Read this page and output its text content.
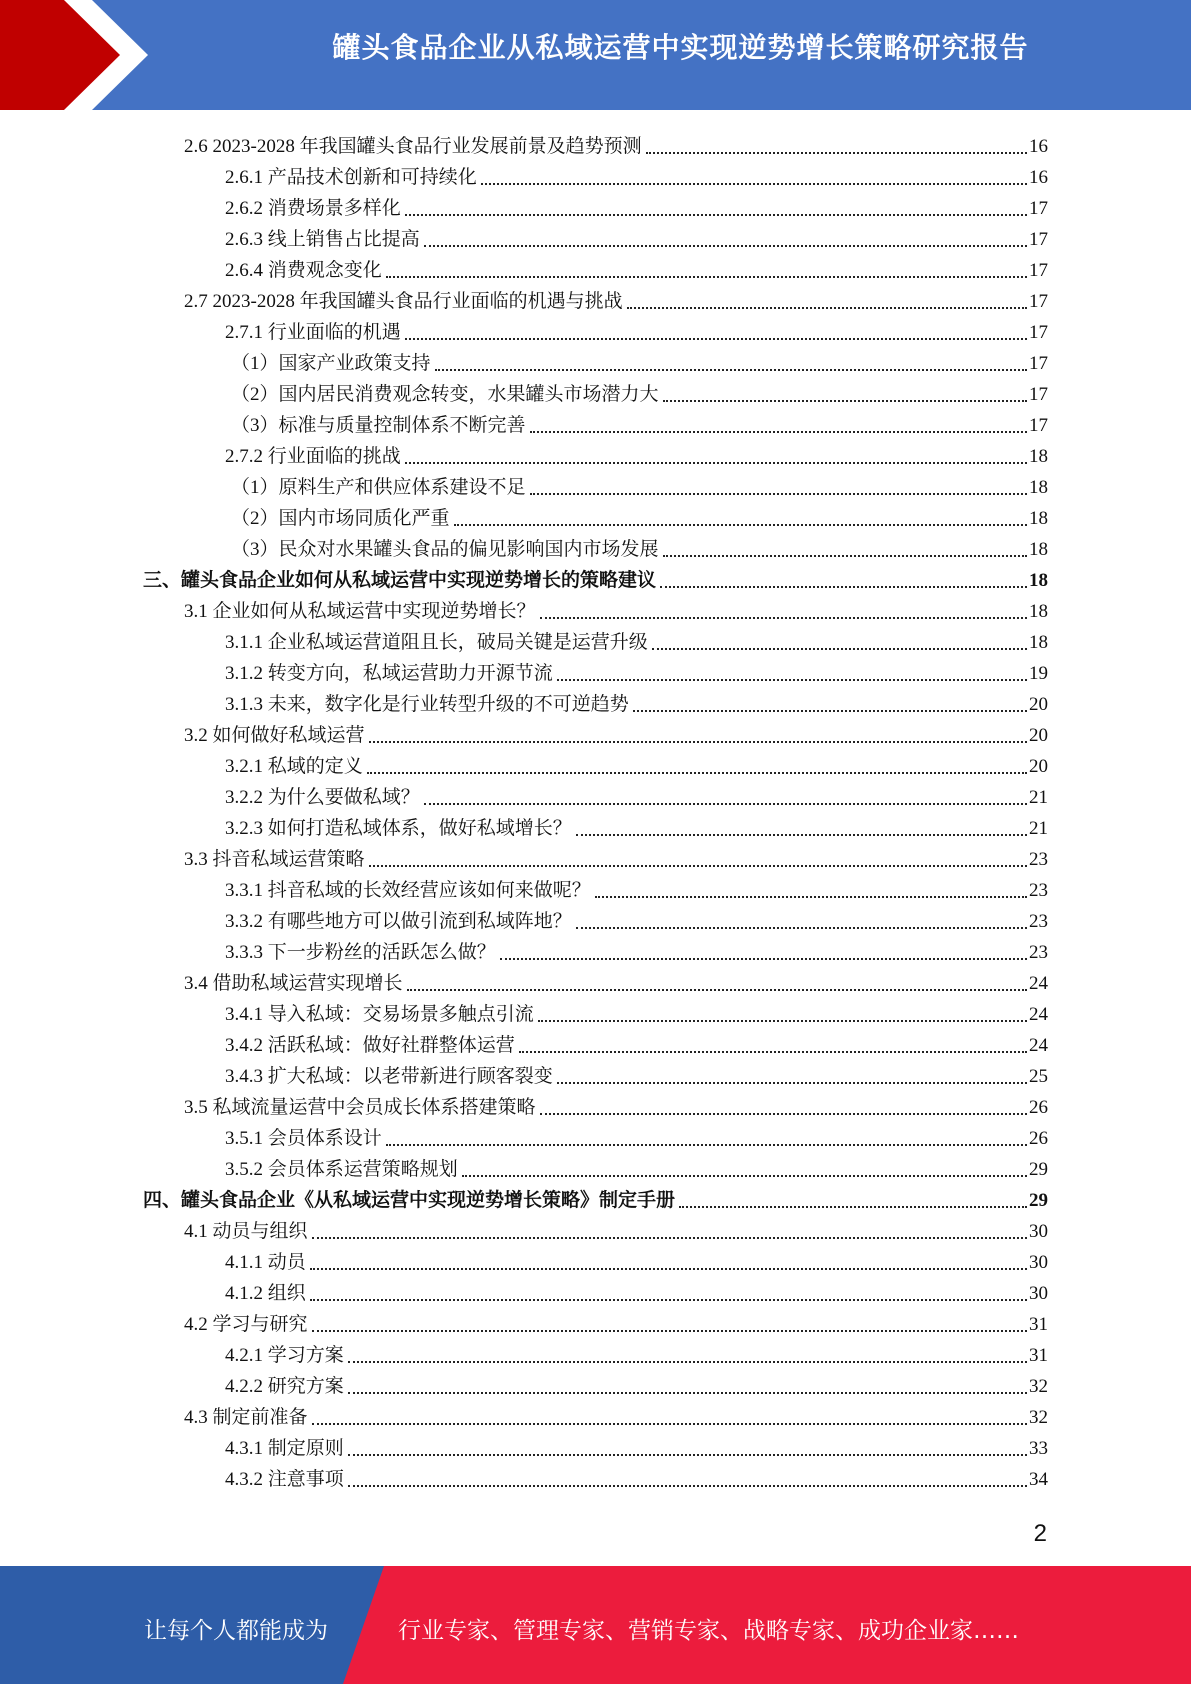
罐头食品企业从私域运营中实现逆势增长策略研究报告
2.6 2023-2028 年我国罐头食品行业发展前景及趋势预测	16
2.6.1 产品技术创新和可持续化	16
2.6.2 消费场景多样化	17
2.6.3 线上销售占比提高	17
2.6.4 消费观念变化	17
2.7 2023-2028 年我国罐头食品行业面临的机遇与挑战	17
2.7.1 行业面临的机遇	17
（1）国家产业政策支持	17
（2）国内居民消费观念转变，水果罐头市场潜力大	17
（3）标准与质量控制体系不断完善	17
2.7.2 行业面临的挑战	18
（1）原料生产和供应体系建设不足	18
（2）国内市场同质化严重	18
（3）民众对水果罐头食品的偏见影响国内市场发展	18
三、罐头食品企业如何从私域运营中实现逆势增长的策略建议	18
3.1 企业如何从私域运营中实现逆势增长？	18
3.1.1 企业私域运营道阻且长，破局关键是运营升级	18
3.1.2 转变方向，私域运营助力开源节流	19
3.1.3 未来，数字化是行业转型升级的不可逆趋势	20
3.2 如何做好私域运营	20
3.2.1 私域的定义	20
3.2.2 为什么要做私域？	21
3.2.3 如何打造私域体系，做好私域增长？	21
3.3 抖音私域运营策略	23
3.3.1 抖音私域的长效经营应该如何来做呢？	23
3.3.2 有哪些地方可以做引流到私域阵地？	23
3.3.3 下一步粉丝的活跃怎么做？	23
3.4 借助私域运营实现增长	24
3.4.1 导入私域：交易场景多触点引流	24
3.4.2 活跃私域：做好社群整体运营	24
3.4.3 扩大私域：以老带新进行顾客裂变	25
3.5 私域流量运营中会员成长体系搭建策略	26
3.5.1 会员体系设计	26
3.5.2 会员体系运营策略规划	29
四、罐头食品企业《从私域运营中实现逆势增长策略》制定手册	29
4.1 动员与组织	30
4.1.1 动员	30
4.1.2 组织	30
4.2 学习与研究	31
4.2.1 学习方案	31
4.2.2 研究方案	32
4.3 制定前准备	32
4.3.1 制定原则	33
4.3.2 注意事项	34
2
让每个人都能成为	行业专家、管理专家、营销专家、战略专家、成功企业家……
